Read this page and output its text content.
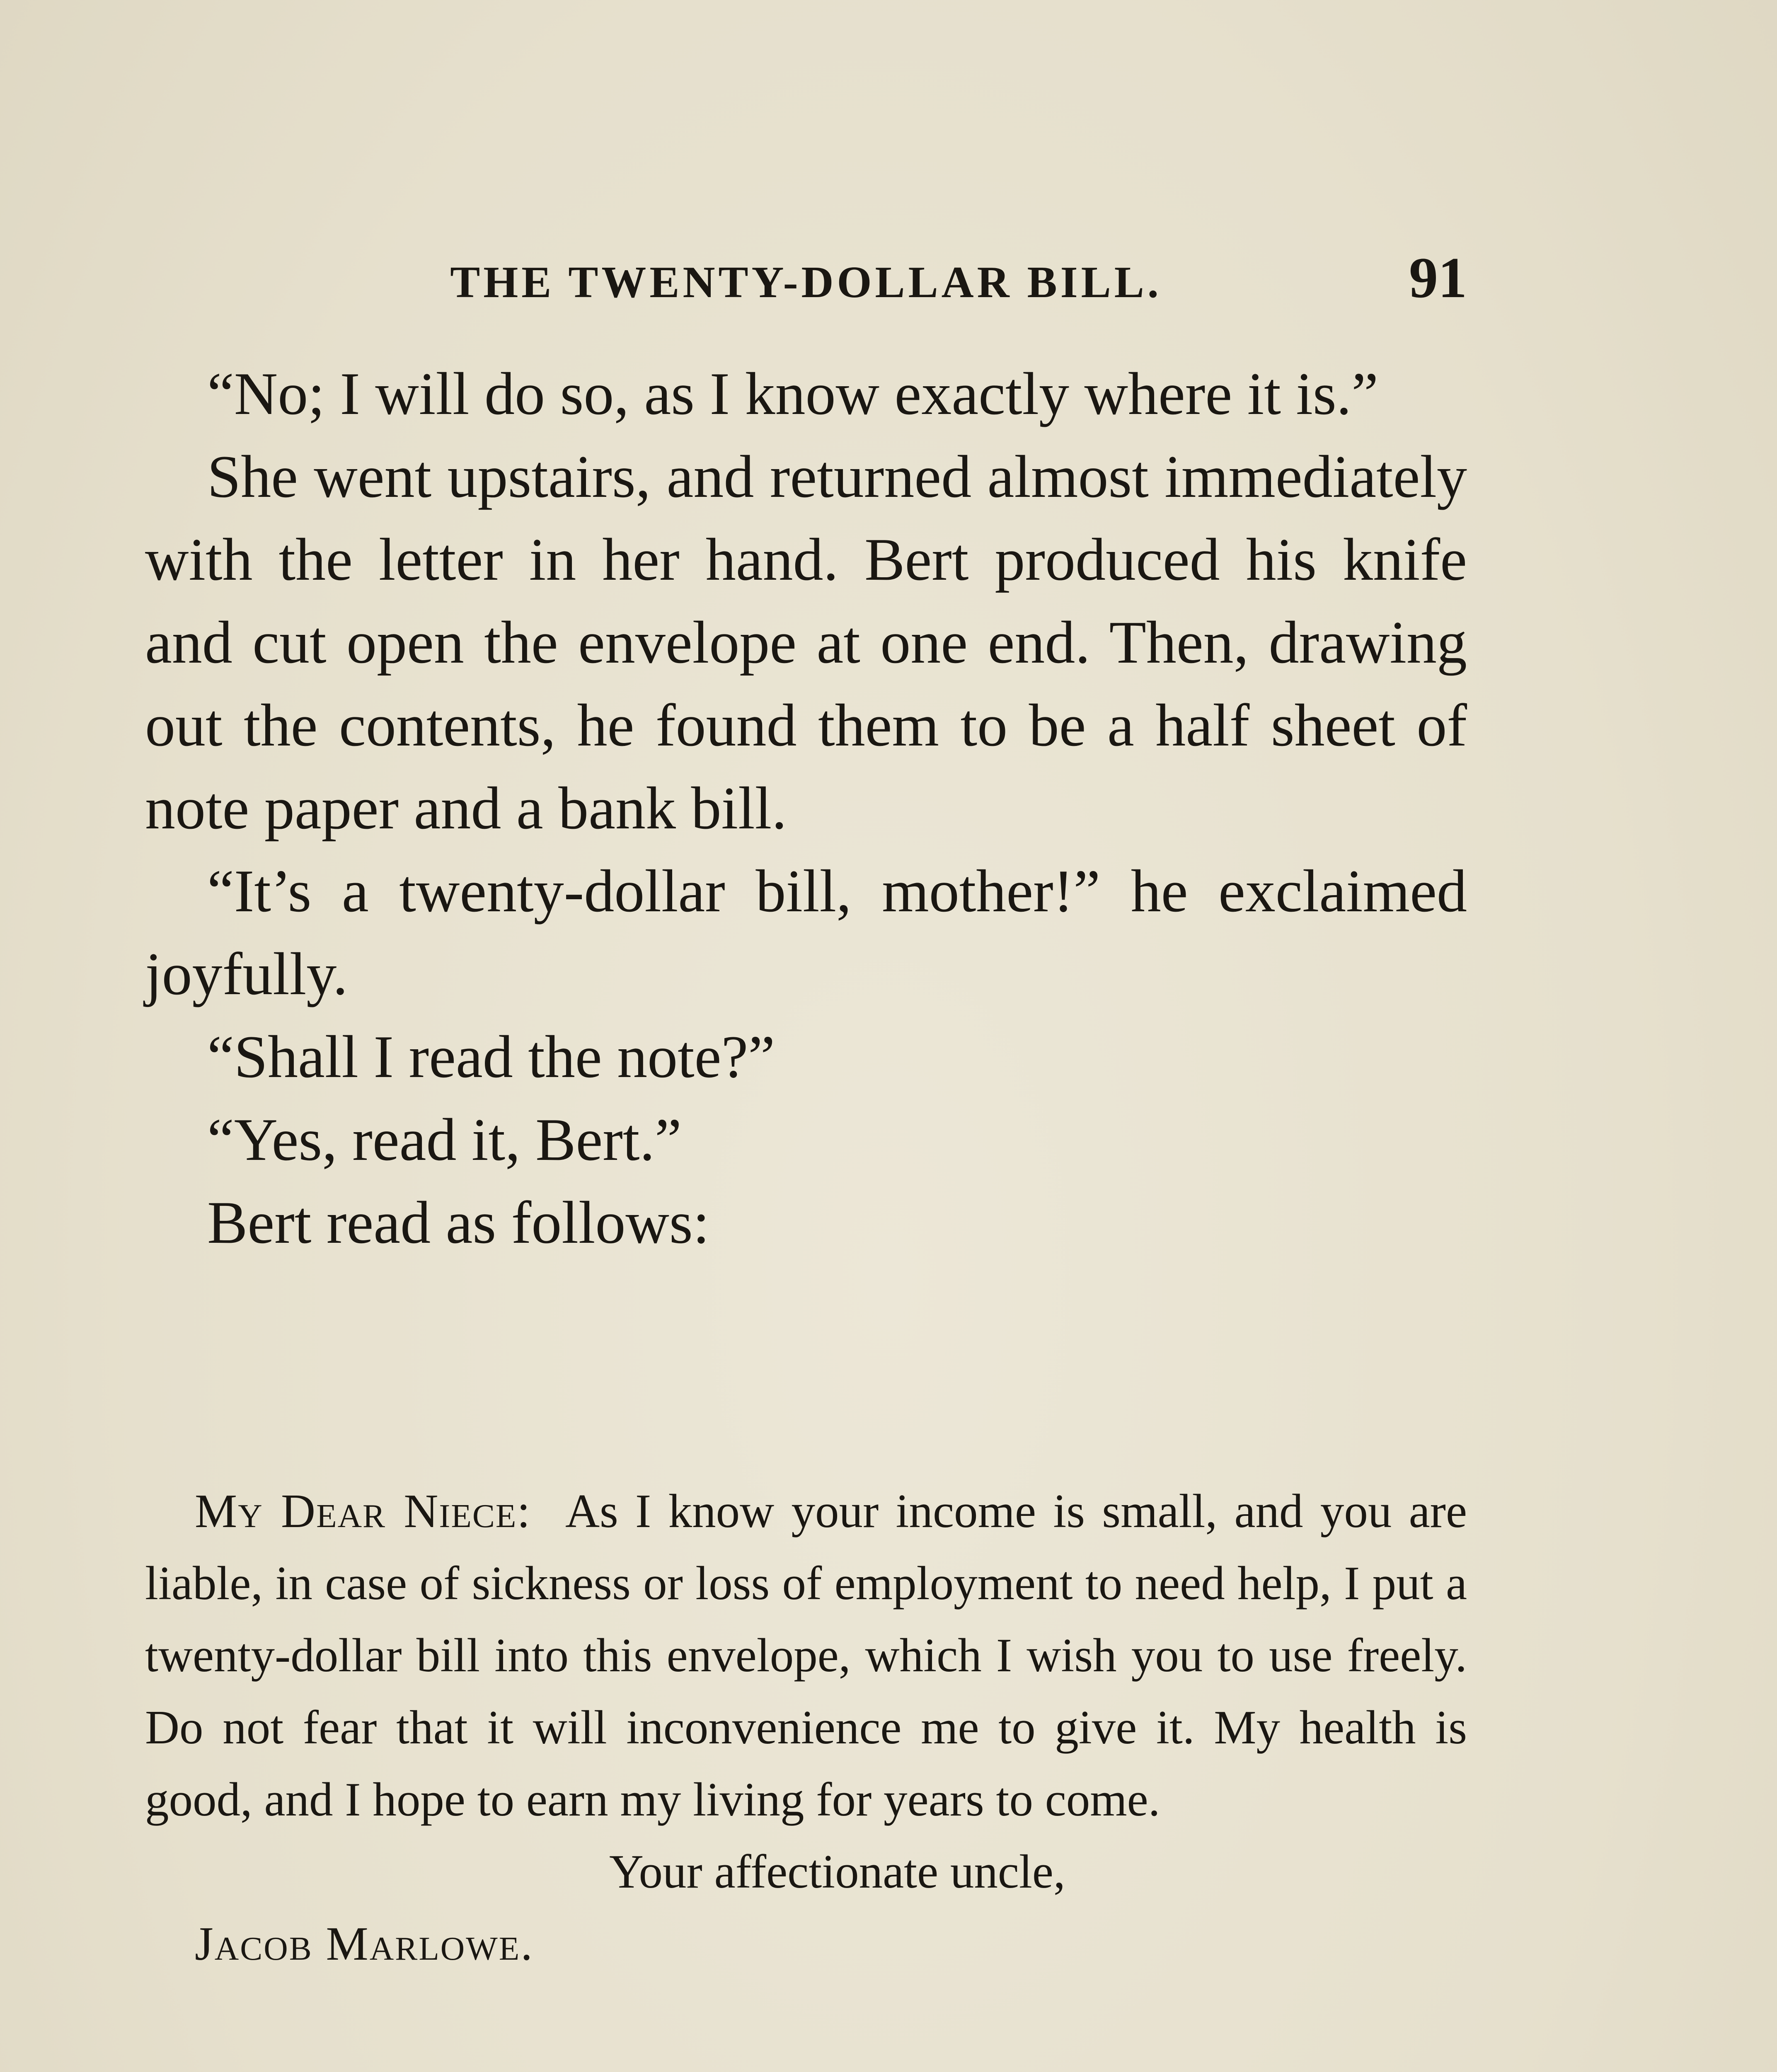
THE TWENTY-DOLLAR BILL.	91

“No; I will do so, as I know exactly where it is.”

She went upstairs, and returned almost immediately with the letter in her hand. Bert produced his knife and cut open the envelope at one end. Then, drawing out the contents, he found them to be a half sheet of note paper and a bank bill.

“It’s a twenty-dollar bill, mother!” he exclaimed joyfully.

“Shall I read the note?”

“Yes, read it, Bert.”

Bert read as follows:

My Dear Niece: As I know your income is small, and you are liable, in case of sickness or loss of employment to need help, I put a twenty-dollar bill into this envelope, which I wish you to use freely. Do not fear that it will inconvenience me to give it. My health is good, and I hope to earn my living for years to come.

Your affectionate uncle,

Jacob Marlowe.
